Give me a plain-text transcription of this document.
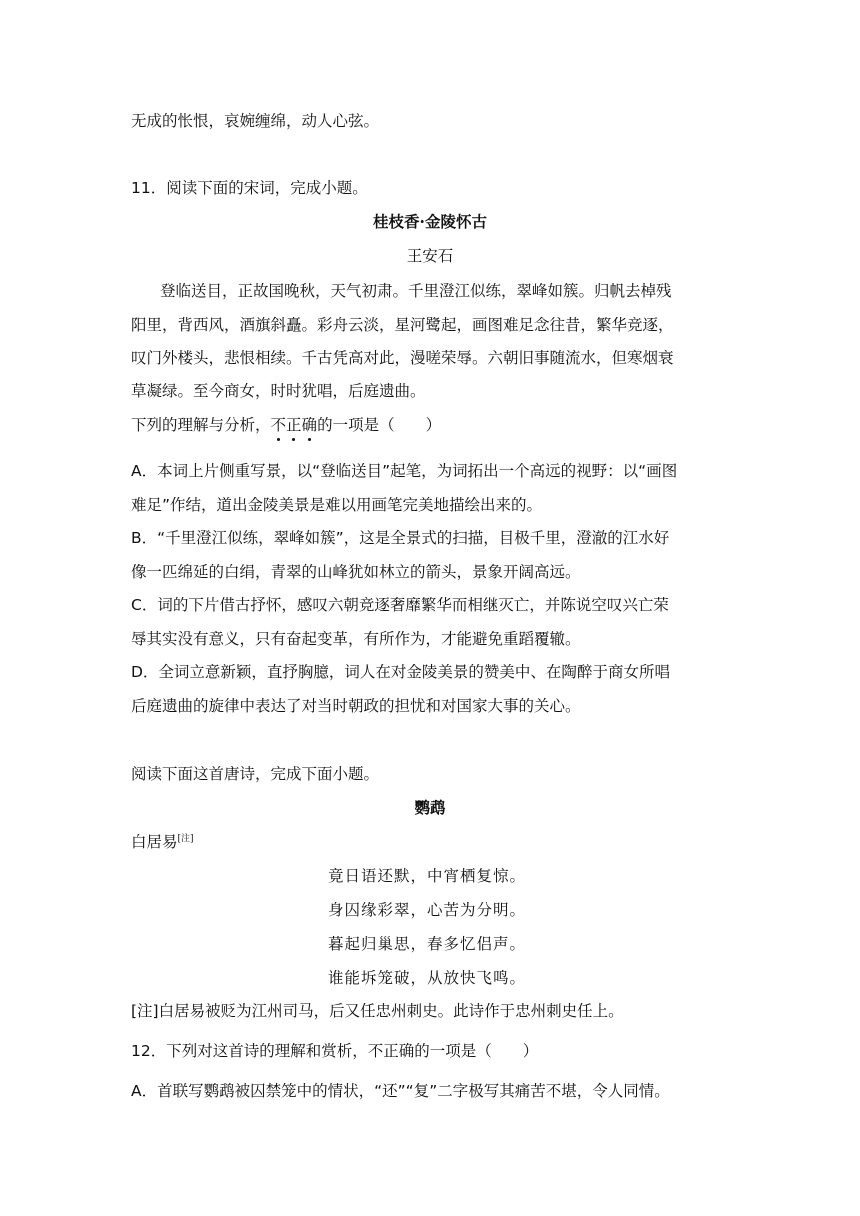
无成的怅恨，哀婉缠绵，动人心弦。
11．阅读下面的宋词，完成小题。
桂枝香·金陵怀古
王安石
登临送目，正故国晚秋，天气初肃。千里澄江似练，翠峰如簇。归帆去棹残
阳里，背西风，酒旗斜矗。彩舟云淡，星河鹭起，画图难足念往昔，繁华竞逐，
叹门外楼头，悲恨相续。千古凭高对此，漫嗟荣辱。六朝旧事随流水，但寒烟衰
草凝绿。至今商女，时时犹唱，后庭遗曲。
下列的理解与分析，不正确的一项是（　　）
A．本词上片侧重写景，以“登临送目”起笔，为词拓出一个高远的视野：以“画图
难足”作结，道出金陵美景是难以用画笔完美地描绘出来的。
B．“千里澄江似练，翠峰如簇”，这是全景式的扫描，目极千里，澄澈的江水好
像一匹绵延的白绢，青翠的山峰犹如林立的箭头，景象开阔高远。
C．词的下片借古抒怀，感叹六朝竞逐奢靡繁华而相继灭亡，并陈说空叹兴亡荣
辱其实没有意义，只有奋起变革，有所作为，才能避免重蹈覆辙。
D．全词立意新颖，直抒胸臆，词人在对金陵美景的赞美中、在陶醉于商女所唱
后庭遗曲的旋律中表达了对当时朝政的担忧和对国家大事的关心。
阅读下面这首唐诗，完成下面小题。
鹦鹉
白居易[注]
竟日语还默，中宵栖复惊。
身囚缘彩翠，心苦为分明。
暮起归巢思，春多忆侣声。
谁能坼笼破，从放快飞鸣。
[注]白居易被贬为江州司马，后又任忠州刺史。此诗作于忠州刺史任上。
12．下列对这首诗的理解和赏析，不正确的一项是（　　）
A．首联写鹦鹉被囚禁笼中的情状，“还”“复”二字极写其痛苦不堪，令人同情。
